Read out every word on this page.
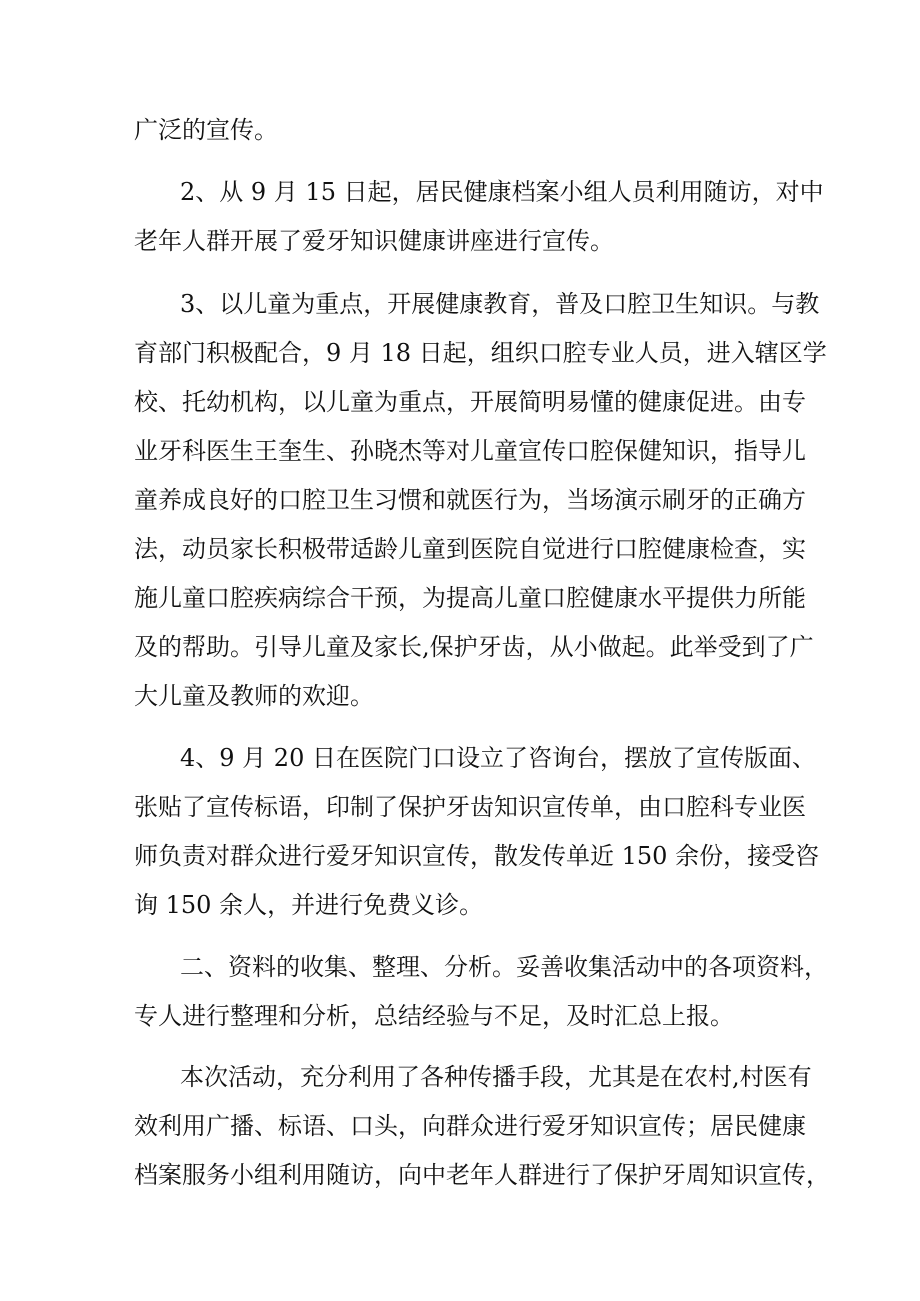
广泛的宣传。
2、从 9 月 15 日起，居民健康档案小组人员利用随访，对中
老年人群开展了爱牙知识健康讲座进行宣传。
3、以儿童为重点，开展健康教育，普及口腔卫生知识。与教
育部门积极配合，9 月 18 日起，组织口腔专业人员，进入辖区学
校、托幼机构，以儿童为重点，开展简明易懂的健康促进。由专
业牙科医生王奎生、孙晓杰等对儿童宣传口腔保健知识，指导儿
童养成良好的口腔卫生习惯和就医行为，当场演示刷牙的正确方
法，动员家长积极带适龄儿童到医院自觉进行口腔健康检查，实
施儿童口腔疾病综合干预，为提高儿童口腔健康水平提供力所能
及的帮助。引导儿童及家长,保护牙齿，从小做起。此举受到了广
大儿童及教师的欢迎。
4、9 月 20 日在医院门口设立了咨询台，摆放了宣传版面、
张贴了宣传标语，印制了保护牙齿知识宣传单，由口腔科专业医
师负责对群众进行爱牙知识宣传，散发传单近 150 余份，接受咨
询 150 余人，并进行免费义诊。
二、资料的收集、整理、分析。妥善收集活动中的各项资料，
专人进行整理和分析，总结经验与不足，及时汇总上报。
本次活动，充分利用了各种传播手段，尤其是在农村,村医有
效利用广播、标语、口头，向群众进行爱牙知识宣传；居民健康
档案服务小组利用随访，向中老年人群进行了保护牙周知识宣传，
